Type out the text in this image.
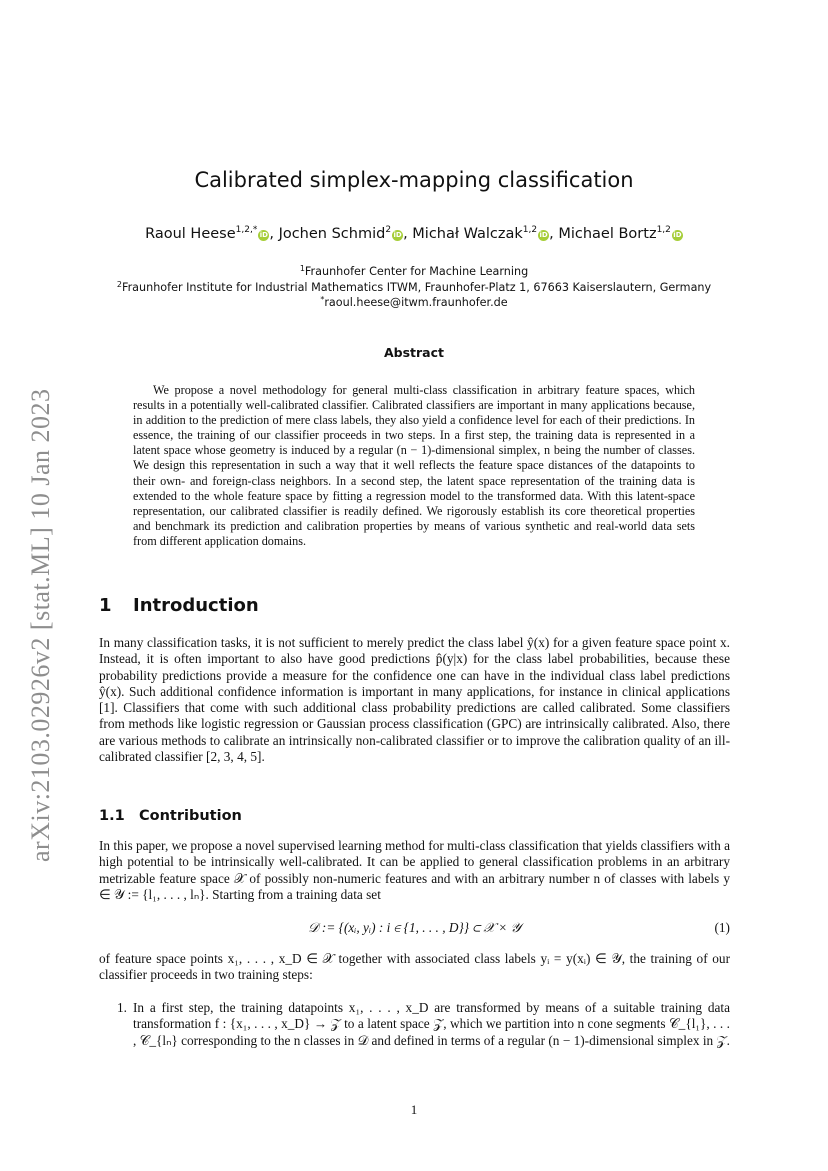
arXiv:2103.02926v2 [stat.ML] 10 Jan 2023
Calibrated simplex-mapping classification
Raoul Heese$^{1,2,*}$ iD, Jochen Schmid$^2$ iD, Michał Walczak$^{1,2}$ iD, Michael Bortz$^{1,2}$ iD
$^1$Fraunhofer Center for Machine Learning
$^2$Fraunhofer Institute for Industrial Mathematics ITWM, Fraunhofer-Platz 1, 67663 Kaiserslautern, Germany
*raoul.heese@itwm.fraunhofer.de
Abstract
We propose a novel methodology for general multi-class classification in arbitrary feature spaces, which results in a potentially well-calibrated classifier. Calibrated classifiers are important in many applications because, in addition to the prediction of mere class labels, they also yield a confidence level for each of their predictions. In essence, the training of our classifier proceeds in two steps. In a first step, the training data is represented in a latent space whose geometry is induced by a regular (n − 1)-dimensional simplex, n being the number of classes. We design this representation in such a way that it well reflects the feature space distances of the datapoints to their own- and foreign-class neighbors. In a second step, the latent space representation of the training data is extended to the whole feature space by fitting a regression model to the transformed data. With this latent-space representation, our calibrated classifier is readily defined. We rigorously establish its core theoretical properties and benchmark its prediction and calibration properties by means of various synthetic and real-world data sets from different application domains.
1 Introduction
In many classification tasks, it is not sufficient to merely predict the class label ŷ(x) for a given feature space point x. Instead, it is often important to also have good predictions p̂(y|x) for the class label probabilities, because these probability predictions provide a measure for the confidence one can have in the individual class label predictions ŷ(x). Such additional confidence information is important in many applications, for instance in clinical applications [1]. Classifiers that come with such additional class probability predictions are called calibrated. Some classifiers from methods like logistic regression or Gaussian process classification (GPC) are intrinsically calibrated. Also, there are various methods to calibrate an intrinsically non-calibrated classifier or to improve the calibration quality of an ill-calibrated classifier [2, 3, 4, 5].
1.1 Contribution
In this paper, we propose a novel supervised learning method for multi-class classification that yields classifiers with a high potential to be intrinsically well-calibrated. It can be applied to general classification problems in an arbitrary metrizable feature space 𝒳 of possibly non-numeric features and with an arbitrary number n of classes with labels y ∈ 𝒴 := {l₁, . . . , lₙ}. Starting from a training data set
𝒟 := {(xᵢ, yᵢ) : i ∈ {1, . . . , D}} ⊂ 𝒳 × 𝒴	(1)
of feature space points x₁, . . . , x_D ∈ 𝒳 together with associated class labels yᵢ = y(xᵢ) ∈ 𝒴, the training of our classifier proceeds in two training steps:
1. In a first step, the training datapoints x₁, . . . , x_D are transformed by means of a suitable training data transformation f : {x₁, . . . , x_D} → 𝒵 to a latent space 𝒵, which we partition into n cone segments 𝒞_{l₁}, . . . , 𝒞_{lₙ} corresponding to the n classes in 𝒟 and defined in terms of a regular (n − 1)-dimensional simplex in 𝒵.
1
